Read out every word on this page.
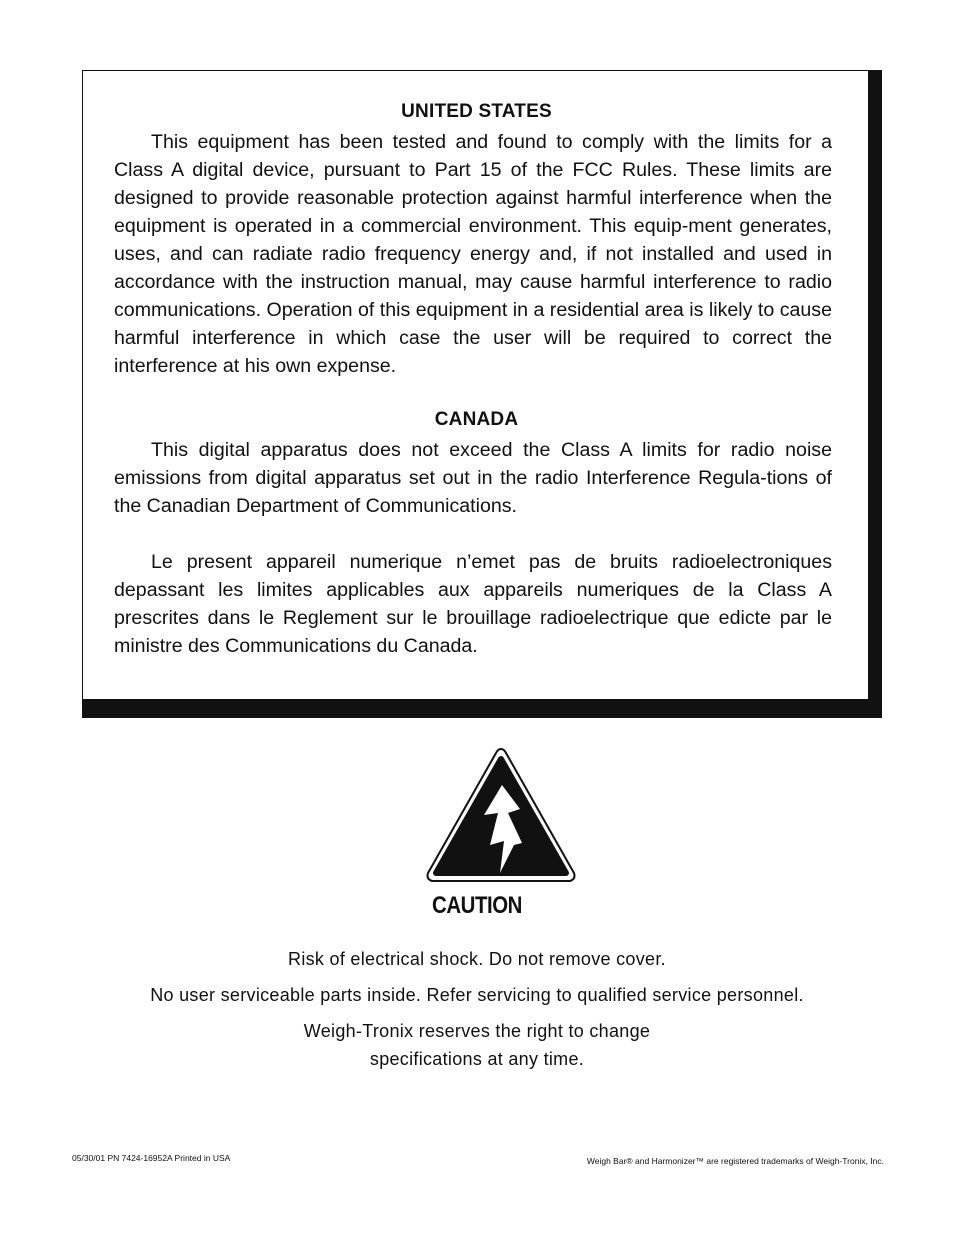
UNITED STATES

This equipment has been tested and found to comply with the limits for a Class A digital device, pursuant to Part 15 of the FCC Rules. These limits are designed to provide reasonable protection against harmful interference when the equipment is operated in a commercial environment. This equip-ment generates, uses, and can radiate radio frequency energy and, if not installed and used in accordance with the instruction manual, may cause harmful interference to radio communications. Operation of this equipment in a residential area is likely to cause harmful interference in which case the user will be required to correct the interference at his own expense.

CANADA

This digital apparatus does not exceed the Class A limits for radio noise emissions from digital apparatus set out in the radio Interference Regula-tions of the Canadian Department of Communications.

Le present appareil numerique n’emet pas de bruits radioelectroniques depassant les limites applicables aux appareils numeriques de la Class A prescrites dans le Reglement sur le brouillage radioelectrique que edicte par le ministre des Communications du Canada.

CAUTION
Risk of electrical shock. Do not remove cover.
No user serviceable parts inside. Refer servicing to qualified service personnel.
Weigh-Tronix reserves the right to change
specifications at any time.
05/30/01 PN 7424-16952A Printed in USA	Weigh Bar® and Harmonizer™ are registered trademarks of Weigh-Tronix, Inc.
